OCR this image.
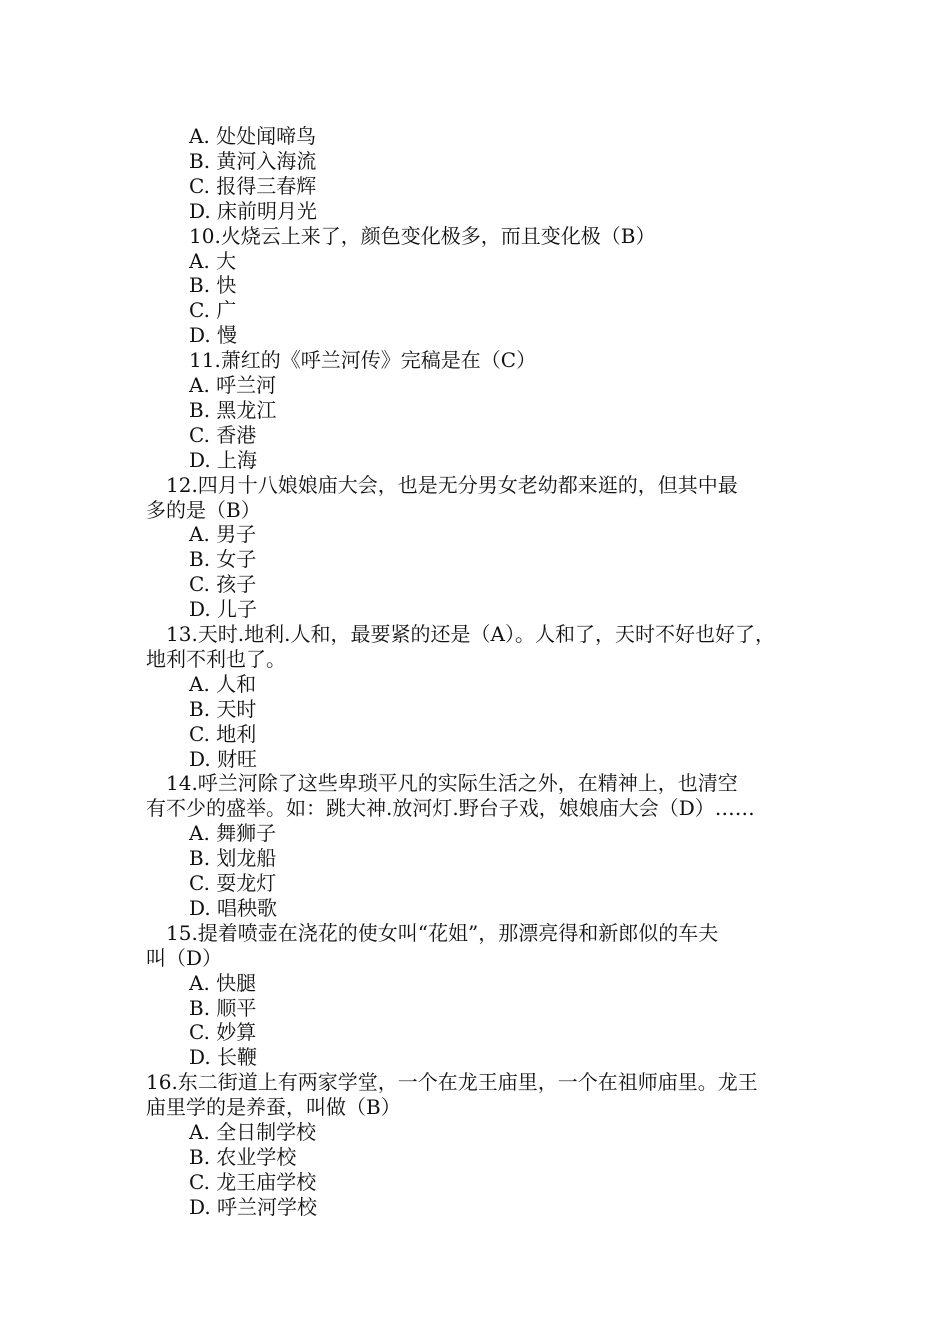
A. 处处闻啼鸟
B. 黄河入海流
C. 报得三春辉
D. 床前明月光
10.火烧云上来了，颜色变化极多，而且变化极（B）
A. 大
B. 快
C. 广
D. 慢
11.萧红的《呼兰河传》完稿是在（C）
A. 呼兰河
B. 黑龙江
C. 香港
D. 上海
12.四月十八娘娘庙大会，也是无分男女老幼都来逛的，但其中最
多的是（B）
A. 男子
B. 女子
C. 孩子
D. 儿子
13.天时.地利.人和，最要紧的还是（A）。人和了，天时不好也好了，
地利不利也了。
A. 人和
B. 天时
C. 地利
D. 财旺
14.呼兰河除了这些卑琐平凡的实际生活之外，在精神上，也清空
有不少的盛举。如：跳大神.放河灯.野台子戏，娘娘庙大会（D）……
A. 舞狮子
B. 划龙船
C. 耍龙灯
D. 唱秧歌
15.提着喷壶在浇花的使女叫“花姐”，那漂亮得和新郎似的车夫
叫（D）
A. 快腿
B. 顺平
C. 妙算
D. 长鞭
16.东二街道上有两家学堂，一个在龙王庙里，一个在祖师庙里。龙王
庙里学的是养蚕，叫做（B）
A. 全日制学校
B. 农业学校
C. 龙王庙学校
D. 呼兰河学校
